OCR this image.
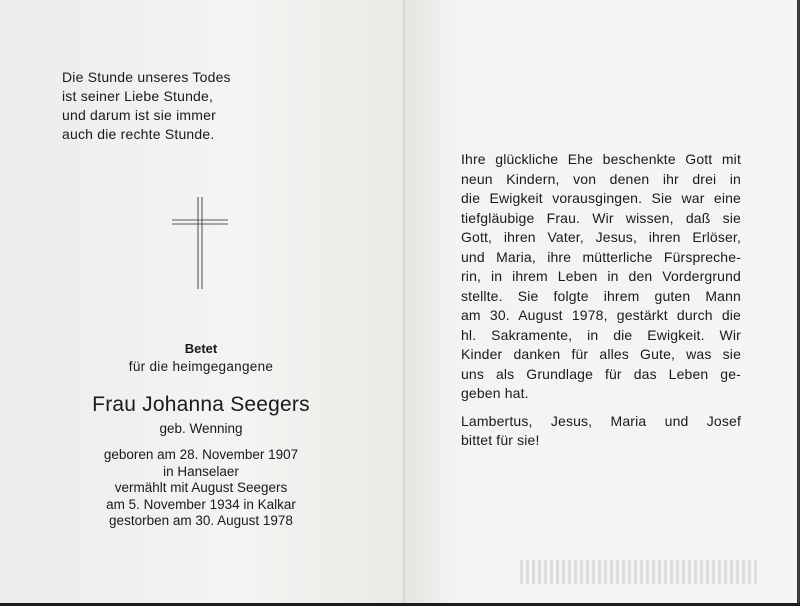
Die Stunde unseres Todes
ist seiner Liebe Stunde,
und darum ist sie immer
auch die rechte Stunde.
Betet
für die heimgegangene
Frau Johanna Seegers
geb. Wenning
geboren am 28. November 1907
in Hanselaer
vermählt mit August Seegers
am 5. November 1934 in Kalkar
gestorben am 30. August 1978
Ihre glückliche Ehe beschenkte Gott mit
neun Kindern, von denen ihr drei in
die Ewigkeit vorausgingen. Sie war eine
tiefgläubige Frau. Wir wissen, daß sie
Gott, ihren Vater, Jesus, ihren Erlöser,
und Maria, ihre mütterliche Fürspreche-
rin, in ihrem Leben in den Vordergrund
stellte. Sie folgte ihrem guten Mann
am 30. August 1978, gestärkt durch die
hl. Sakramente, in die Ewigkeit. Wir
Kinder danken für alles Gute, was sie
uns als Grundlage für das Leben ge-
geben hat.
Lambertus, Jesus, Maria und Josef
bittet für sie!
